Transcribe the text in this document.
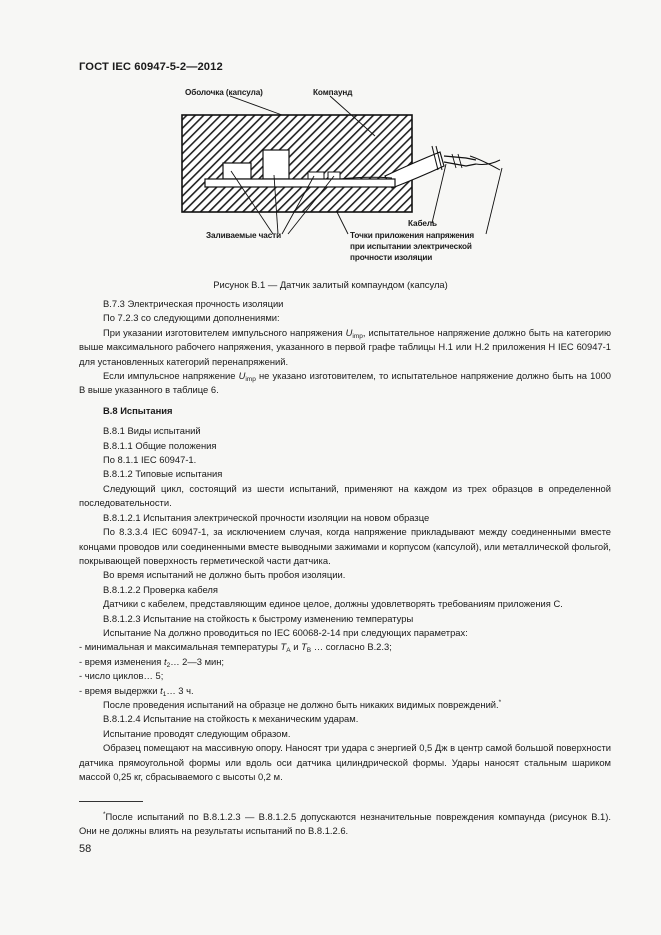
ГОСТ IEC 60947-5-2—2012
Оболочка (капсула)	Компаунд
Кабель
Заливаемые части	Точки приложения напряжения
при испытании электрической
прочности изоляции
Рисунок В.1 — Датчик залитый компаундом (капсула)

В.7.3 Электрическая прочность изоляции

По 7.2.3 со следующими дополнениями:

При указании изготовителем импульсного напряжения $U_{imp}$, испытательное напряжение должно быть на категорию выше максимального рабочего напряжения, указанного в первой графе таблицы Н.1 или Н.2 приложения Н IEC 60947-1 для установленных категорий перенапряжений.

Если импульсное напряжение $U_{imp}$ не указано изготовителем, то испытательное напряжение должно быть на 1000 В выше указанного в таблице 6.

В.8 Испытания

В.8.1 Виды испытаний

В.8.1.1 Общие положения

По 8.1.1 IEC 60947-1.

В.8.1.2 Типовые испытания

Следующий цикл, состоящий из шести испытаний, применяют на каждом из трех образцов в определенной последовательности.

В.8.1.2.1 Испытания электрической прочности изоляции на новом образце

По 8.3.3.4 IEC 60947-1, за исключением случая, когда напряжение прикладывают между соединенными вместе концами проводов или соединенными вместе выводными зажимами и корпусом (капсулой), или металлической фольгой, покрывающей поверхность герметической части датчика.

Во время испытаний не должно быть пробоя изоляции.

В.8.1.2.2 Проверка кабеля

Датчики с кабелем, представляющим единое целое, должны удовлетворять требованиям приложения С.

В.8.1.2.3 Испытание на стойкость к быстрому изменению температуры

Испытание Na должно проводиться по IEC 60068-2-14 при следующих параметрах:

- минимальная и максимальная температуры $T_A$ и $T_B$ … согласно В.2.3;

- время изменения $t_2\dots$ 2—3 мин;

- число циклов… 5;

- время выдержки $t_1\dots$ 3 ч.

После проведения испытаний на образце не должно быть никаких видимых повреждений.*

В.8.1.2.4 Испытание на стойкость к механическим ударам.

Испытание проводят следующим образом.

Образец помещают на массивную опору. Наносят три удара с энергией 0,5 Дж в центр самой большой поверхности датчика прямоугольной формы или вдоль оси датчика цилиндрической формы. Удары наносят стальным шариком массой 0,25 кг, сбрасываемого с высоты 0,2 м.

*После испытаний по В.8.1.2.3 — В.8.1.2.5 допускаются незначительные повреждения компаунда (рисунок В.1). Они не должны влиять на результаты испытаний по В.8.1.2.6.
58
